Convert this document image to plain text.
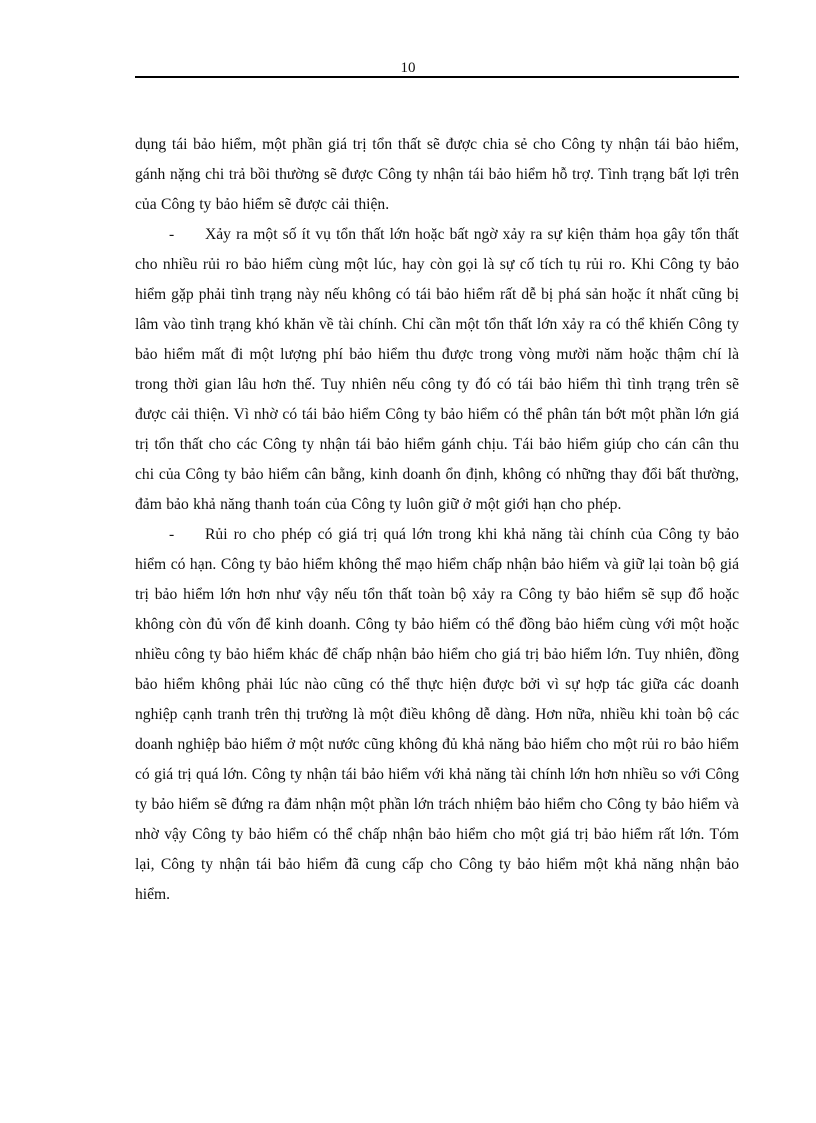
10

dụng tái bảo hiểm, một phần giá trị tổn thất sẽ được chia sẻ cho Công ty nhận tái bảo hiểm, gánh nặng chi trả bồi thường sẽ được Công ty nhận tái bảo hiểm hỗ trợ. Tình trạng bất lợi trên của Công ty bảo hiểm sẽ được cải thiện.

- Xảy ra một số ít vụ tổn thất lớn hoặc bất ngờ xảy ra sự kiện thảm họa gây tổn thất cho nhiều rủi ro bảo hiểm cùng một lúc, hay còn gọi là sự cố tích tụ rủi ro. Khi Công ty bảo hiểm gặp phải tình trạng này nếu không có tái bảo hiểm rất dễ bị phá sản hoặc ít nhất cũng bị lâm vào tình trạng khó khăn về tài chính. Chỉ cần một tổn thất lớn xảy ra có thể khiến Công ty bảo hiểm mất đi một lượng phí bảo hiểm thu được trong vòng mười năm hoặc thậm chí là trong thời gian lâu hơn thế. Tuy nhiên nếu công ty đó có tái bảo hiểm thì tình trạng trên sẽ được cải thiện. Vì nhờ có tái bảo hiểm Công ty bảo hiểm có thể phân tán bớt một phần lớn giá trị tổn thất cho các Công ty nhận tái bảo hiểm gánh chịu. Tái bảo hiểm giúp cho cán cân thu chi của Công ty bảo hiểm cân bằng, kinh doanh ổn định, không có những thay đổi bất thường, đảm bảo khả năng thanh toán của Công ty luôn giữ ở một giới hạn cho phép.

- Rủi ro cho phép có giá trị quá lớn trong khi khả năng tài chính của Công ty bảo hiểm có hạn. Công ty bảo hiểm không thể mạo hiểm chấp nhận bảo hiểm và giữ lại toàn bộ giá trị bảo hiểm lớn hơn như vậy nếu tổn thất toàn bộ xảy ra Công ty bảo hiểm sẽ sụp đổ hoặc không còn đủ vốn để kinh doanh. Công ty bảo hiểm có thể đồng bảo hiểm cùng với một hoặc nhiều công ty bảo hiểm khác để chấp nhận bảo hiểm cho giá trị bảo hiểm lớn. Tuy nhiên, đồng bảo hiểm không phải lúc nào cũng có thể thực hiện được bởi vì sự hợp tác giữa các doanh nghiệp cạnh tranh trên thị trường là một điều không dễ dàng. Hơn nữa, nhiều khi toàn bộ các doanh nghiệp bảo hiểm ở một nước cũng không đủ khả năng bảo hiểm cho một rủi ro bảo hiểm có giá trị quá lớn. Công ty nhận tái bảo hiểm với khả năng tài chính lớn hơn nhiều so với Công ty bảo hiểm sẽ đứng ra đảm nhận một phần lớn trách nhiệm bảo hiểm cho Công ty bảo hiểm và nhờ vậy Công ty bảo hiểm có thể chấp nhận bảo hiểm cho một giá trị bảo hiểm rất lớn. Tóm lại, Công ty nhận tái bảo hiểm đã cung cấp cho Công ty bảo hiểm một khả năng nhận bảo hiểm.
